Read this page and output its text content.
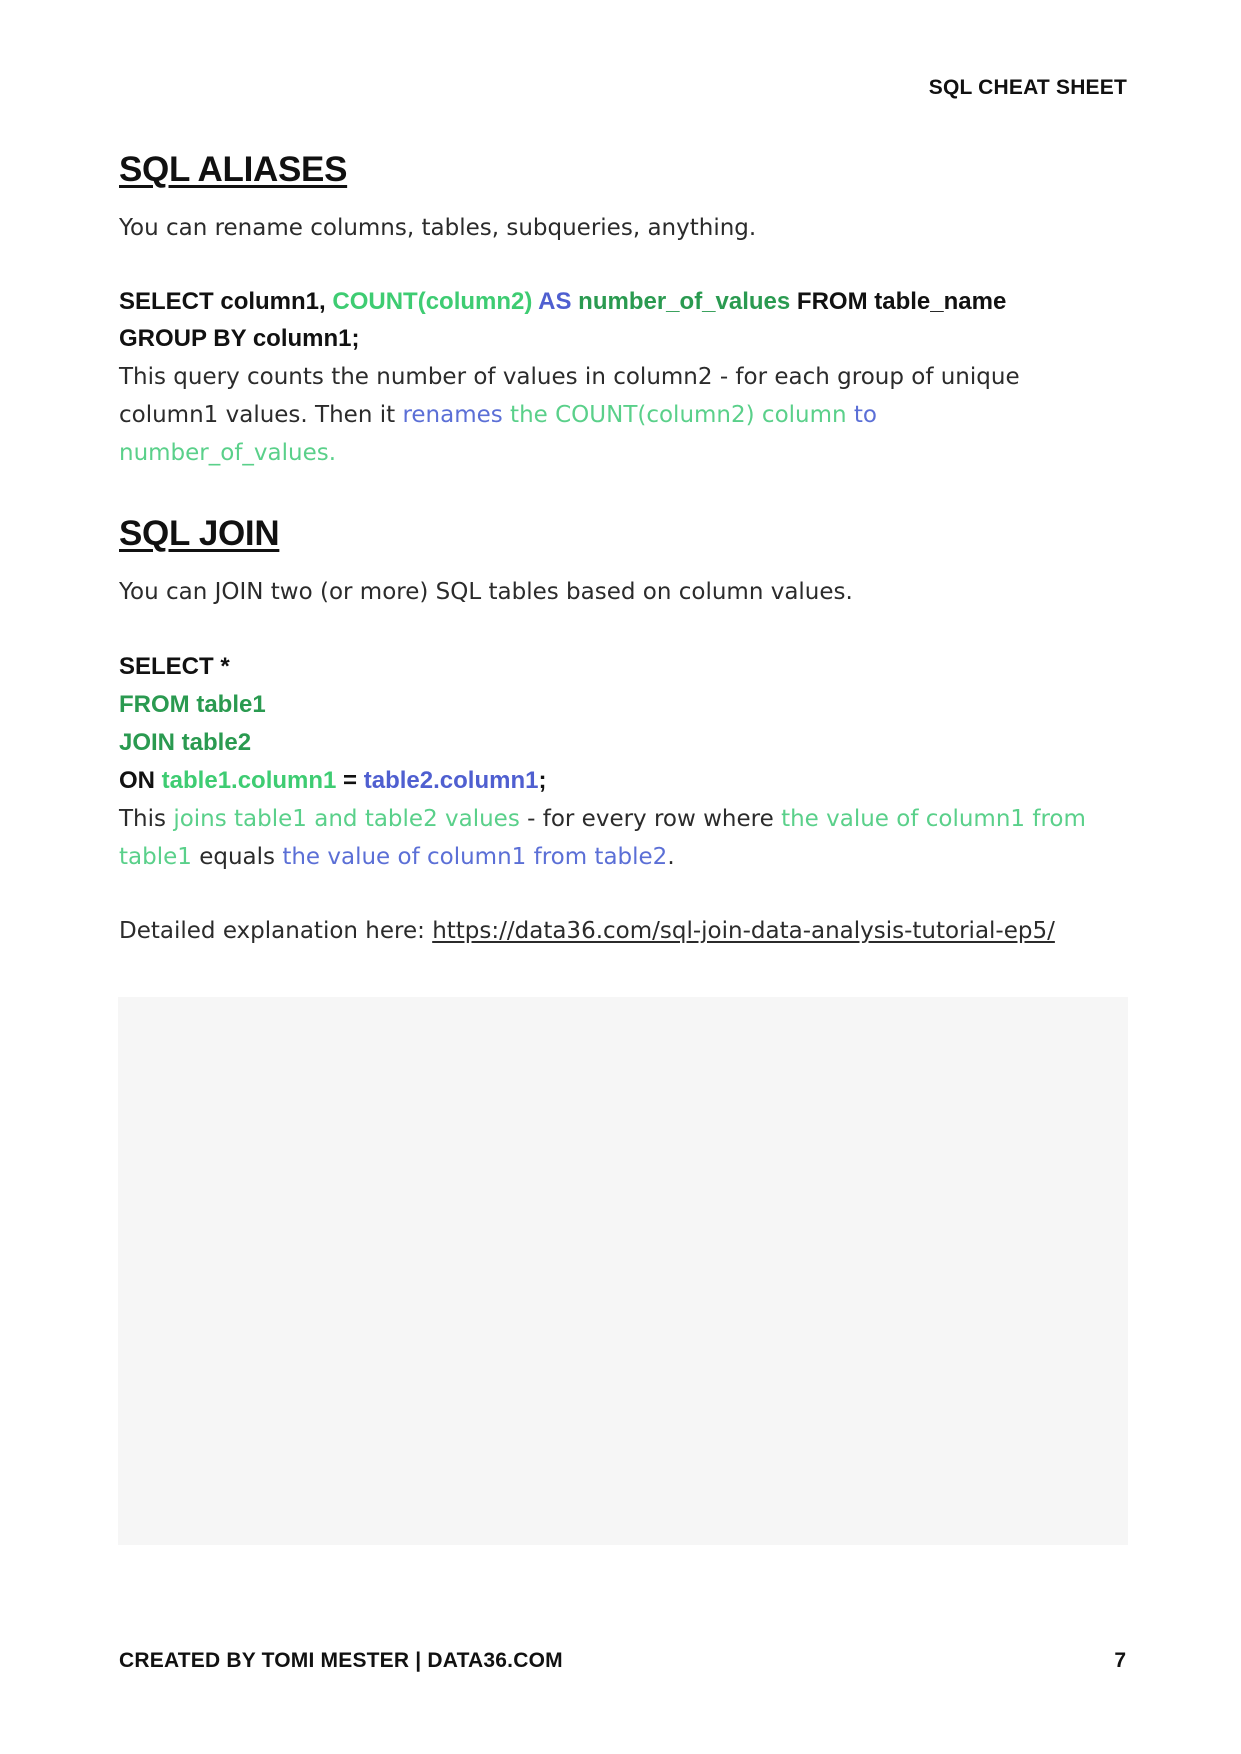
SQL CHEAT SHEET
SQL ALIASES
You can rename columns, tables, subqueries, anything.
SELECT column1, COUNT(column2) AS number_of_values FROM table_name
GROUP BY column1;
This query counts the number of values in column2 - for each group of unique
column1 values. Then it renames the COUNT(column2) column to
number_of_values.
SQL JOIN
You can JOIN two (or more) SQL tables based on column values.
SELECT *
FROM table1
JOIN table2
ON table1.column1 = table2.column1;
This joins table1 and table2 values - for every row where the value of column1 from
table1 equals the value of column1 from table2.
Detailed explanation here: https://data36.com/sql-join-data-analysis-tutorial-ep5/
CREATED BY TOMI MESTER | DATA36.COM	7
